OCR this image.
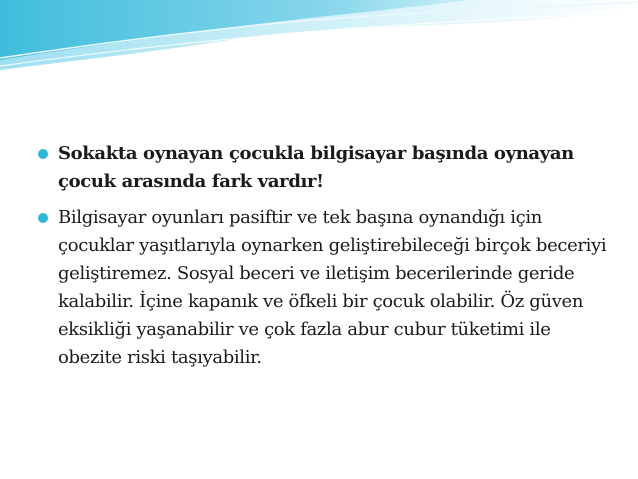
Sokakta oynayan çocukla bilgisayar başında oynayan çocuk arasında fark vardır!
Bilgisayar oyunları pasiftir ve tek başına oynandığı için çocuklar yaşıtlarıyla oynarken geliştirebileceği birçok beceriyi geliştiremez. Sosyal beceri ve iletişim becerilerinde geride kalabilir. İçine kapanık ve öfkeli bir çocuk olabilir. Öz güven eksikliği yaşanabilir ve çok fazla abur cubur tüketimi ile obezite riski taşıyabilir.
